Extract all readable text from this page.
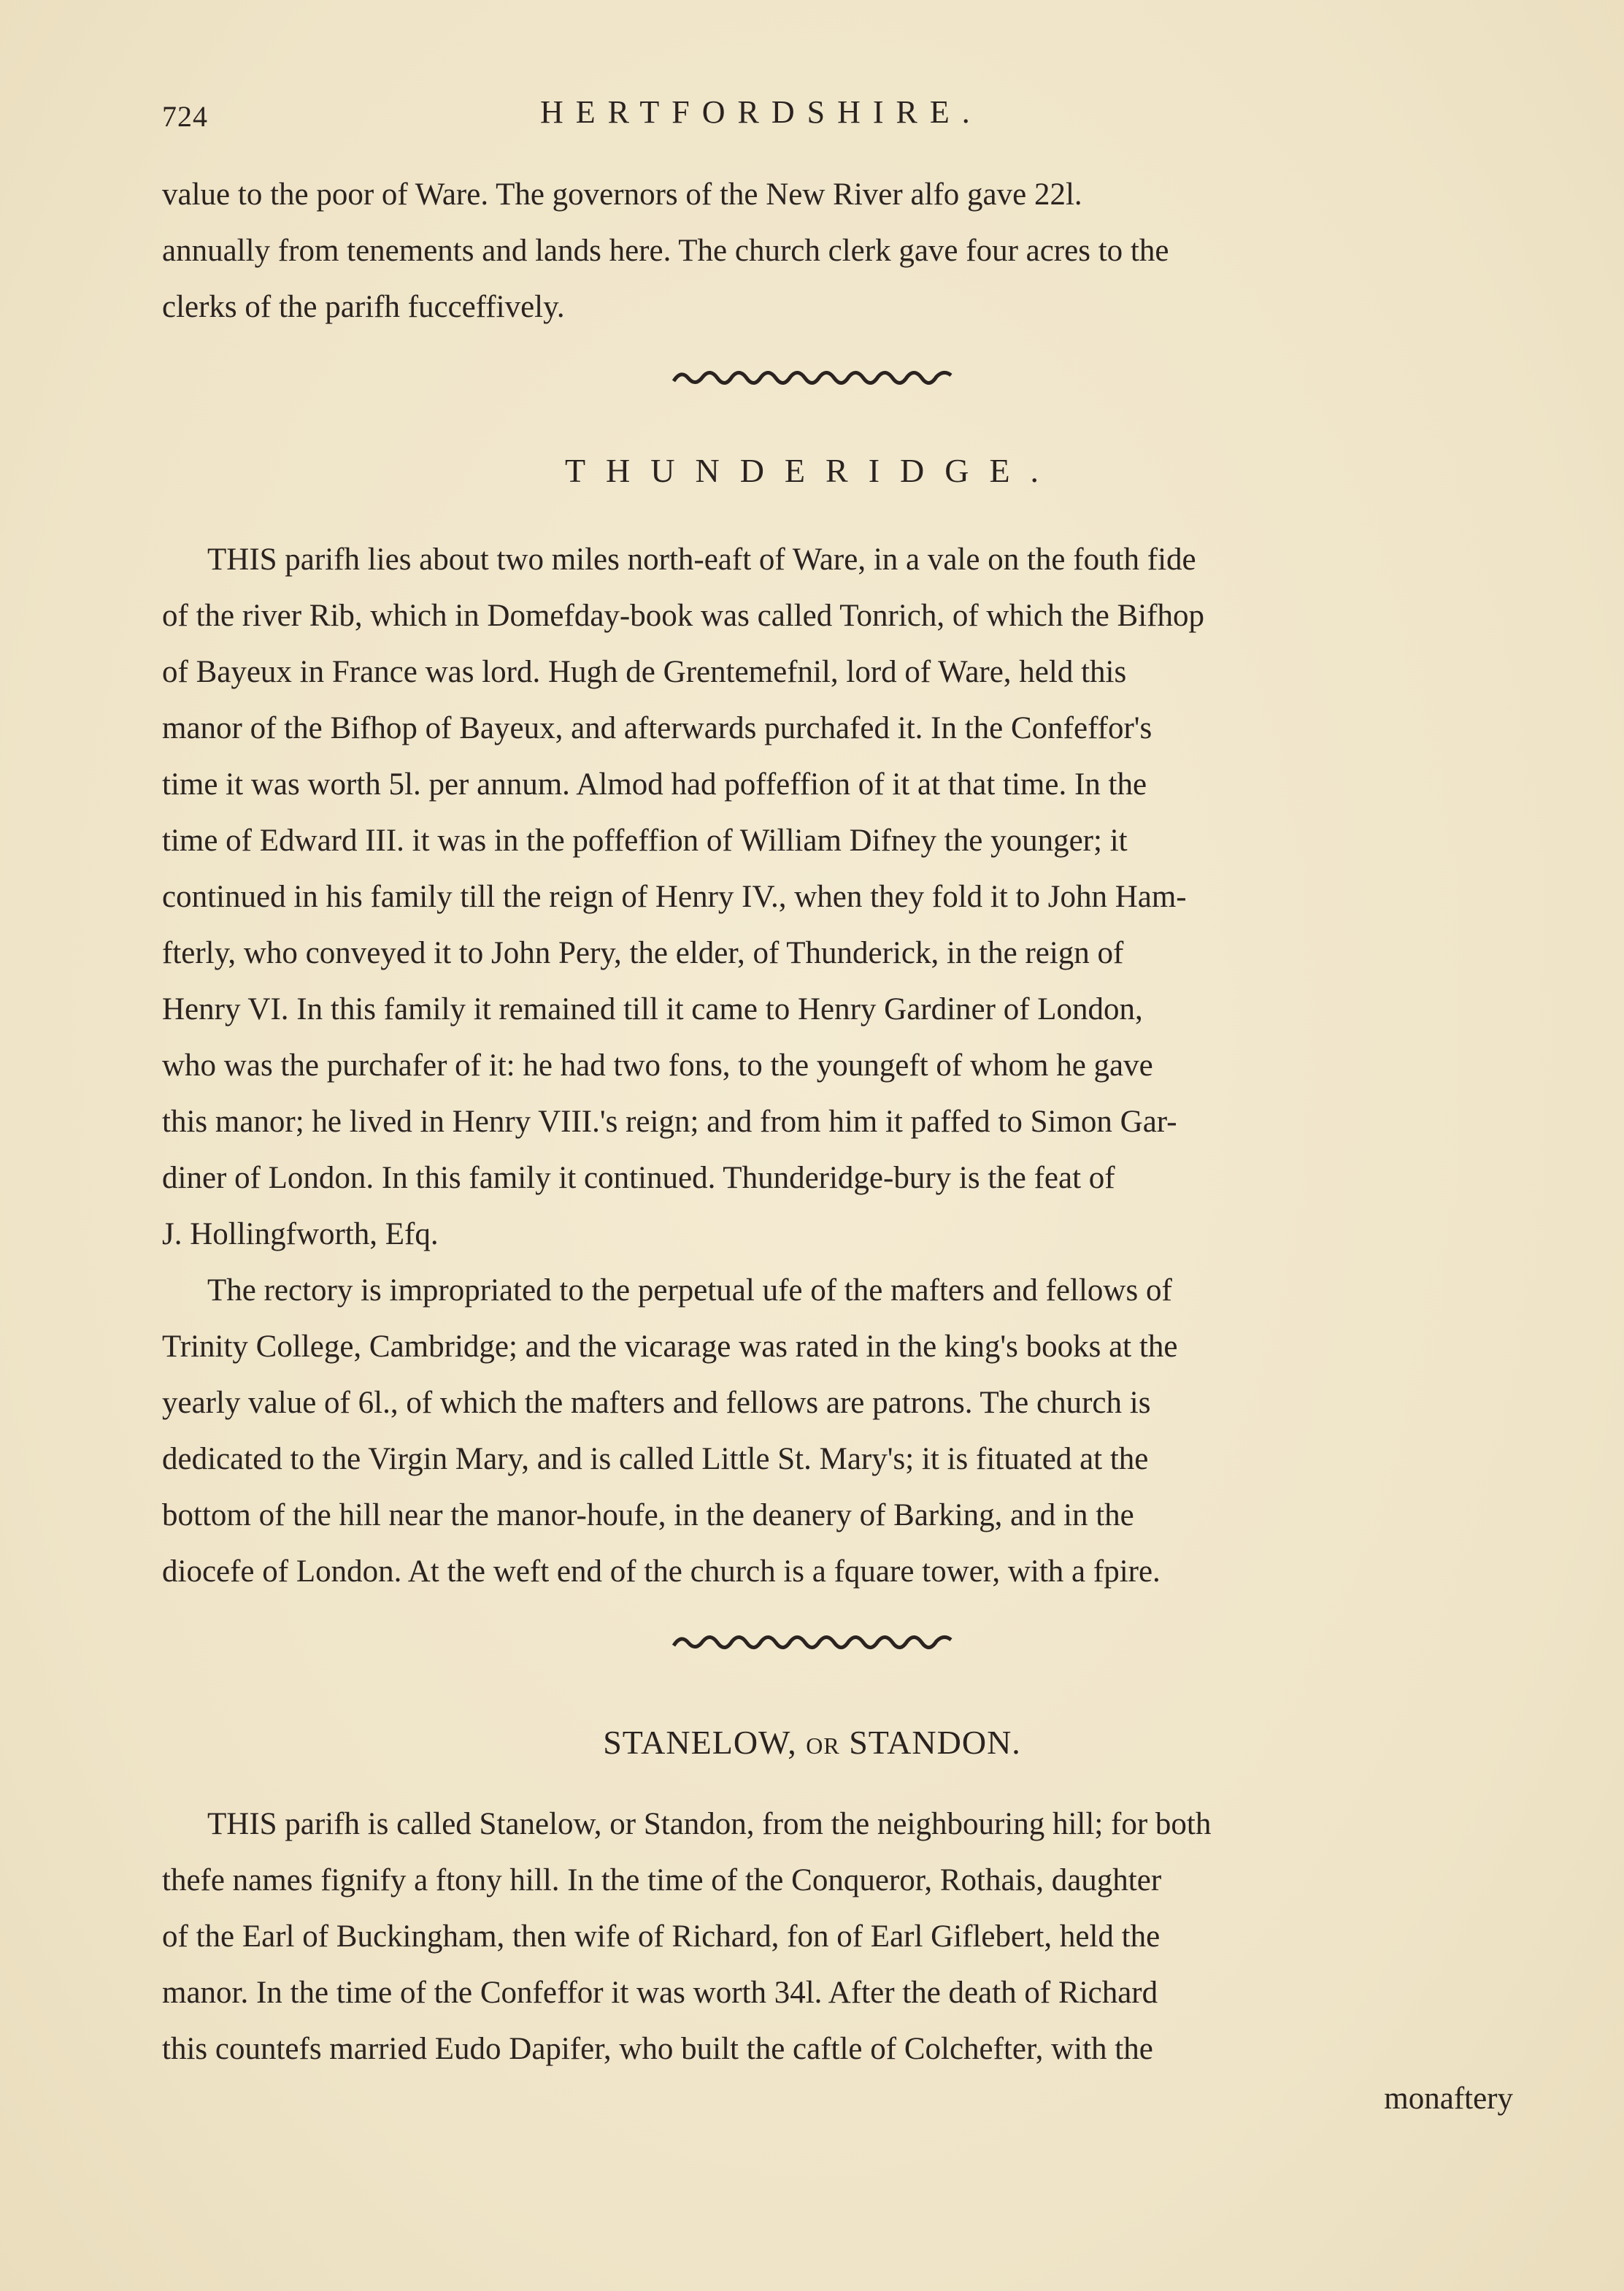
724	HERTFORDSHIRE.

value to the poor of Ware. The governors of the New River alfo gave 22l.

annually from tenements and lands here. The church clerk gave four acres to the

clerks of the parifh fucceffively.

THUNDERIDGE.

THIS parifh lies about two miles north-eaft of Ware, in a vale on the fouth fide

of the river Rib, which in Domefday-book was called Tonrich, of which the Bifhop

of Bayeux in France was lord. Hugh de Grentemefnil, lord of Ware, held this

manor of the Bifhop of Bayeux, and afterwards purchafed it. In the Confeffor's

time it was worth 5l. per annum. Almod had poffeffion of it at that time. In the

time of Edward III. it was in the poffeffion of William Difney the younger; it

continued in his family till the reign of Henry IV., when they fold it to John Ham-

fterly, who conveyed it to John Pery, the elder, of Thunderick, in the reign of

Henry VI. In this family it remained till it came to Henry Gardiner of London,

who was the purchafer of it: he had two fons, to the youngeft of whom he gave

this manor; he lived in Henry VIII.'s reign; and from him it paffed to Simon Gar-

diner of London. In this family it continued. Thunderidge-bury is the feat of

J. Hollingfworth, Efq.

The rectory is impropriated to the perpetual ufe of the mafters and fellows of

Trinity College, Cambridge; and the vicarage was rated in the king's books at the

yearly value of 6l., of which the mafters and fellows are patrons. The church is

dedicated to the Virgin Mary, and is called Little St. Mary's; it is fituated at the

bottom of the hill near the manor-houfe, in the deanery of Barking, and in the

diocefe of London. At the weft end of the church is a fquare tower, with a fpire.

STANELOW, OR STANDON.

THIS parifh is called Stanelow, or Standon, from the neighbouring hill; for both

thefe names fignify a ftony hill. In the time of the Conqueror, Rothais, daughter

of the Earl of Buckingham, then wife of Richard, fon of Earl Giflebert, held the

manor. In the time of the Confeffor it was worth 34l. After the death of Richard

this countefs married Eudo Dapifer, who built the caftle of Colchefter, with the

monaftery
